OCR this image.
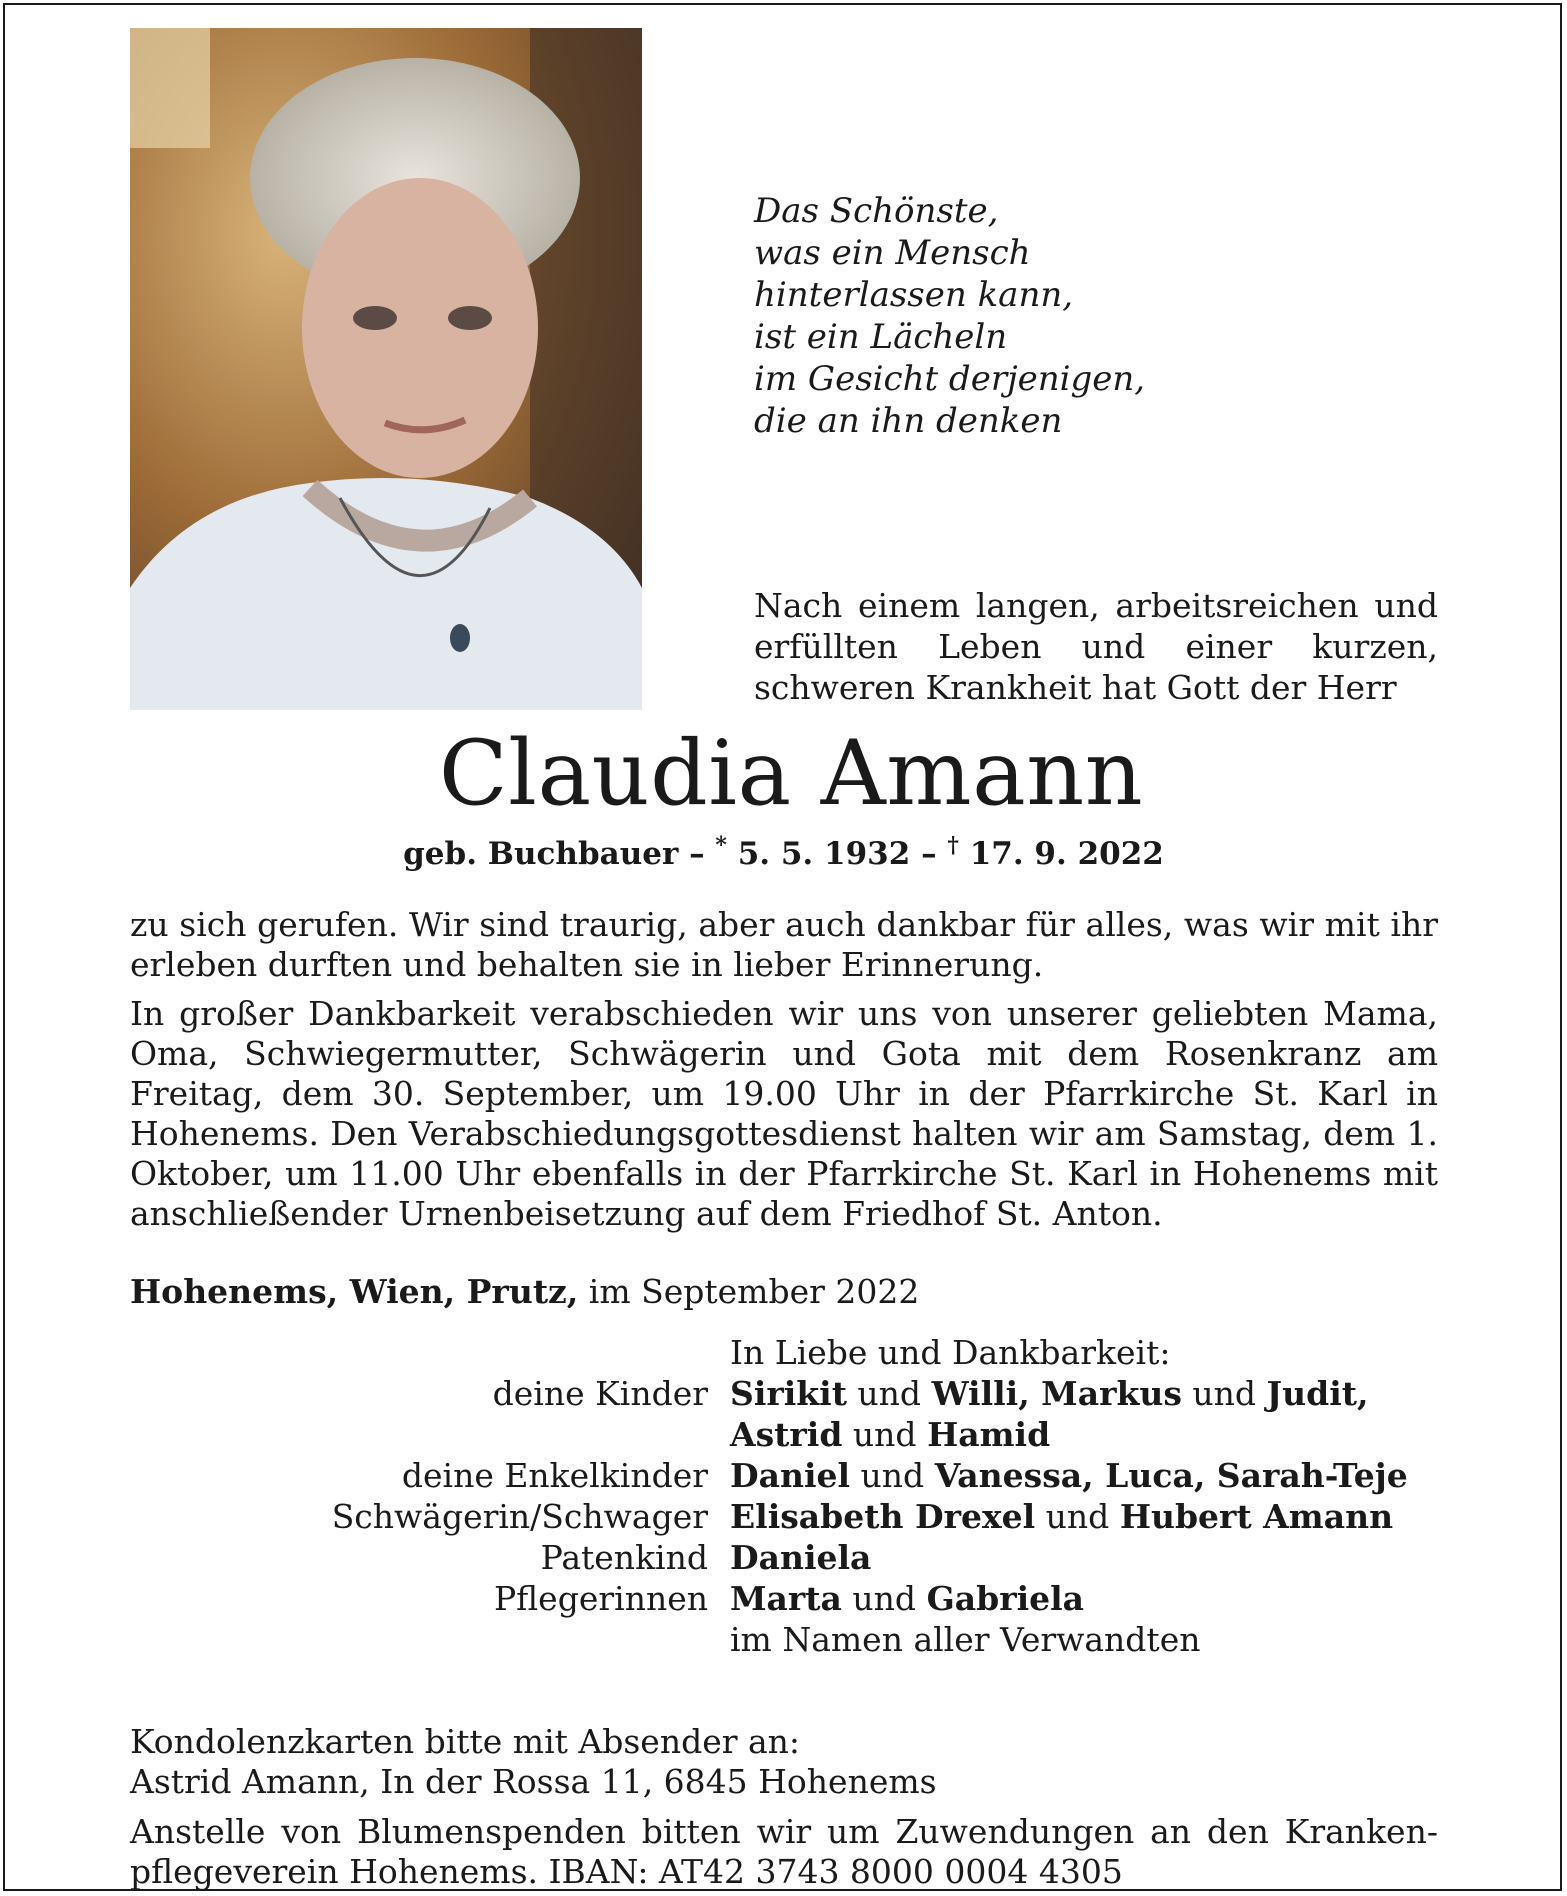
Das Schönste,
was ein Mensch
hinterlassen kann,
ist ein Lächeln
im Gesicht derjenigen,
die an ihn denken
Nach einem langen, arbeitsreichen und erfüllten Leben und einer kurzen, schweren Krankheit hat Gott der Herr
Claudia Amann
geb. Buchbauer – * 5. 5. 1932 – † 17. 9. 2022
zu sich gerufen. Wir sind traurig, aber auch dankbar für alles, was wir mit ihr erleben durften und behalten sie in lieber Erinnerung.
In großer Dankbarkeit verabschieden wir uns von unserer geliebten Mama, Oma, Schwiegermutter, Schwägerin und Gota mit dem Rosenkranz am Freitag, dem 30. September, um 19.00 Uhr in der Pfarrkirche St. Karl in Hohenems. Den Verabschiedungsgottesdienst halten wir am Samstag, dem 1. Oktober, um 11.00 Uhr ebenfalls in der Pfarrkirche St. Karl in Hohenems mit anschließender Urnenbeisetzung auf dem Friedhof St. Anton.
Hohenems, Wien, Prutz, im September 2022
In Liebe und Dankbarkeit:
deine Kinder Sirikit und Willi, Markus und Judit,
Astrid und Hamid
deine Enkelkinder Daniel und Vanessa, Luca, Sarah-Teje
Schwägerin/Schwager Elisabeth Drexel und Hubert Amann
Patenkind Daniela
Pflegerinnen Marta und Gabriela
im Namen aller Verwandten
Kondolenzkarten bitte mit Absender an:
Astrid Amann, In der Rossa 11, 6845 Hohenems
Anstelle von Blumenspenden bitten wir um Zuwendungen an den Krankenpflegeverein Hohenems. IBAN: AT42 3743 8000 0004 4305
